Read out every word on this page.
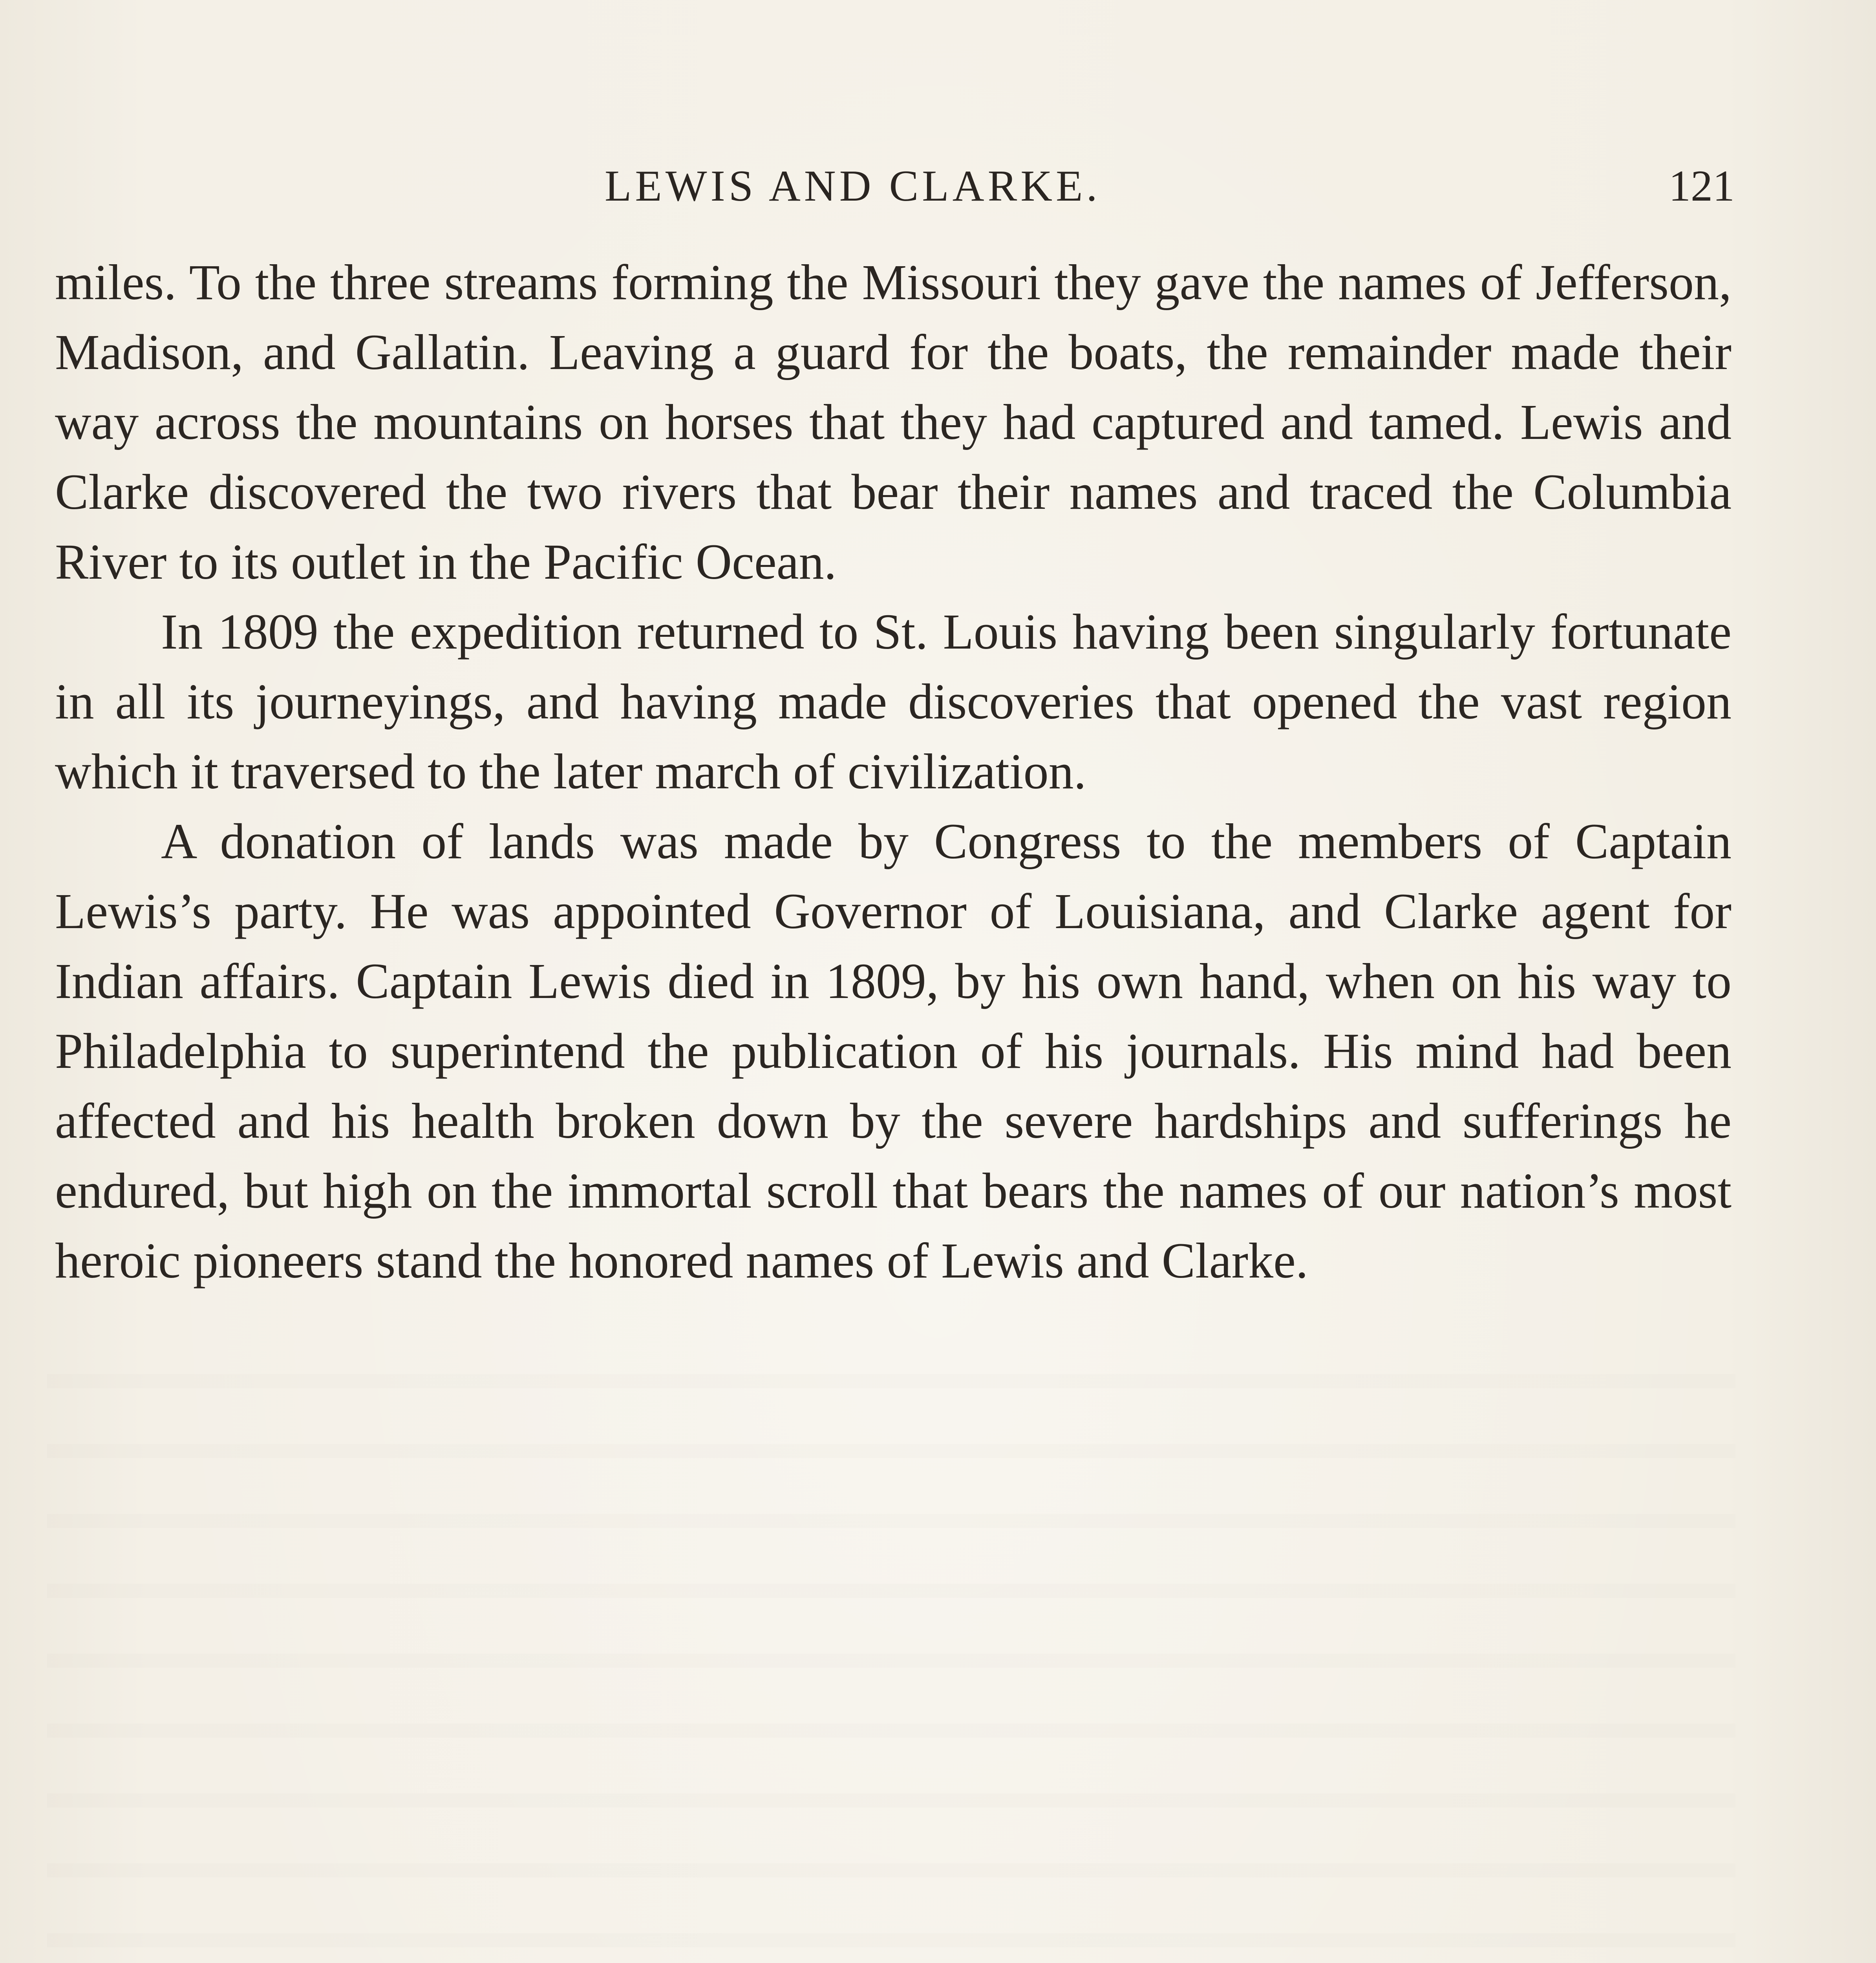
LEWIS AND CLARKE.	121

miles. To the three streams forming the Missouri they gave the names of Jefferson, Madison, and Gallatin. Leaving a guard for the boats, the remainder made their way across the mountains on horses that they had captured and tamed. Lewis and Clarke discovered the two rivers that bear their names and traced the Columbia River to its outlet in the Pacific Ocean.

In 1809 the expedition returned to St. Louis having been singularly fortunate in all its journeyings, and having made discoveries that opened the vast region which it traversed to the later march of civilization.

A donation of lands was made by Congress to the members of Captain Lewis’s party. He was appointed Governor of Louisiana, and Clarke agent for Indian affairs. Captain Lewis died in 1809, by his own hand, when on his way to Philadelphia to superintend the publication of his journals. His mind had been affected and his health broken down by the severe hardships and sufferings he endured, but high on the immortal scroll that bears the names of our nation’s most heroic pioneers stand the honored names of Lewis and Clarke.
